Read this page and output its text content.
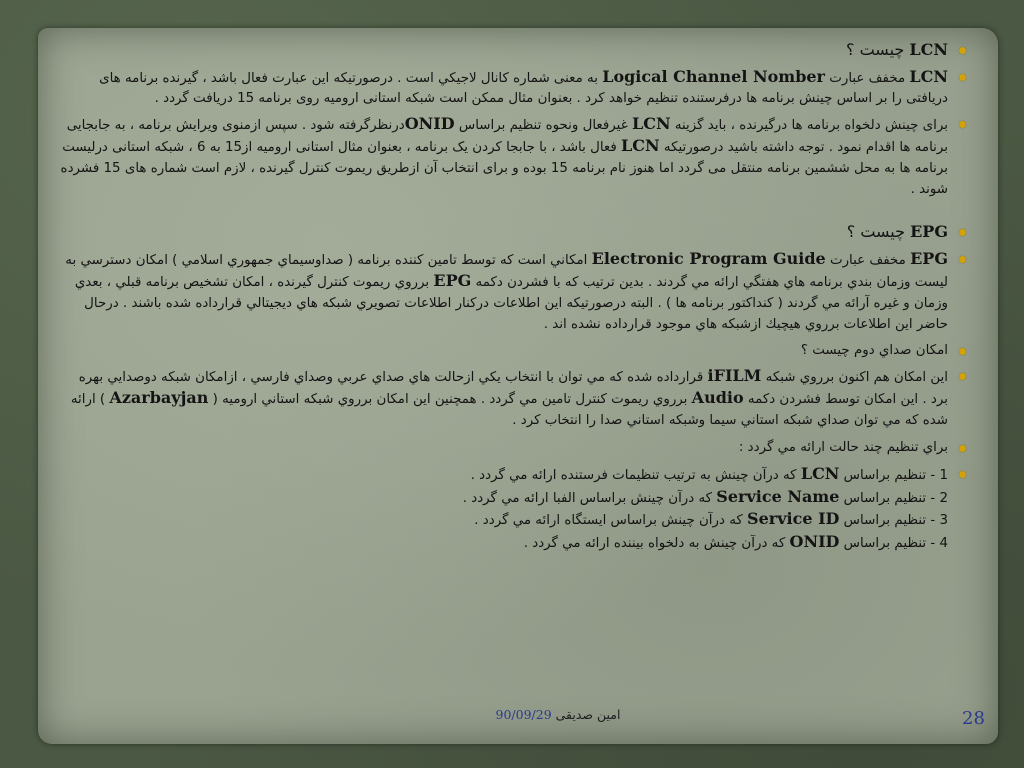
LCN چيست ؟
LCN مخفف عبارت Logical Channel Nomber به معنی شماره کانال لاجيکي است . درصورتيکه اين عبارت فعال باشد ، گيرنده برنامه های دريافتی را بر اساس چينش برنامه ها درفرستنده تنظيم خواهد کرد . بعنوان مثال ممکن است شبکه استانی اروميه روی برنامه 15 دريافت گردد .
برای چينش دلخواه برنامه ها درگيرنده ، بايد گزينه LCN غيرفعال ونحوه تنظيم براساس ONIDدرنظرگرفته شود . سپس ازمنوی ويرايش برنامه ، به جابجايی برنامه ها اقدام نمود . توجه داشته باشيد درصورتيکه LCN فعال باشد ، با جابجا کردن يک برنامه ، بعنوان مثال استانی اروميه از15 به 6 ، شبکه استانی درليست برنامه ها به محل ششمين برنامه منتقل می گردد اما هنوز نام برنامه 15 بوده و برای انتخاب آن ازطريق ريموت کنترل گيرنده ، لازم است شماره های 15 فشرده شوند .
EPG چيست ؟
EPG مخفف عبارت Electronic Program Guide امكاني است كه توسط تامين كننده برنامه ( صداوسيماي جمهوري اسلامي ) امكان دسترسي به ليست وزمان بندي برنامه هاي هفتگي ارائه مي گردند . بدين ترتيب كه با فشردن دكمه EPG برروي ريموت كنترل گيرنده ، امكان تشخيص برنامه قبلي ، بعدي وزمان و غيره آرائه مي گردند ( كنداكتور برنامه ها ) . البته درصورتيكه اين اطلاعات دركنار اطلاعات تصويري شبكه هاي ديجيتالي قرارداده شده باشند . درحال حاضر اين اطلاعات برروي هيچيك ازشبكه هاي موجود قرارداده نشده اند .
امكان صداي دوم چيست ؟
اين امكان هم اكنون برروي شبكه iFILM قرارداده شده كه مي توان با انتخاب يكي ازحالت هاي صداي عربي وصداي فارسي ، ازامكان شبكه دوصدايي بهره برد . اين امكان توسط فشردن دكمه Audio برروي ريموت كنترل تامين مي گردد . همچنين اين امكان برروي شبكه استاني اروميه ( Azarbayjan ) ارائه شده كه مي توان صداي شبكه استاني سيما وشبكه استاني صدا را انتخاب كرد .
براي تنظيم چند حالت ارائه مي گردد :
1 - تنظيم براساس LCN كه درآن چينش به ترتيب تنظيمات فرستنده ارائه مي گردد .
2 - تنظيم براساس Service Name كه درآن چينش براساس الفبا ارائه مي گردد .
3 - تنظيم براساس Service ID كه درآن چينش براساس ايستگاه ارائه مي گردد .
4 - تنظيم براساس ONID كه درآن چينش به دلخواه بيننده ارائه مي گردد .
امين صديقی 90/09/29	28
